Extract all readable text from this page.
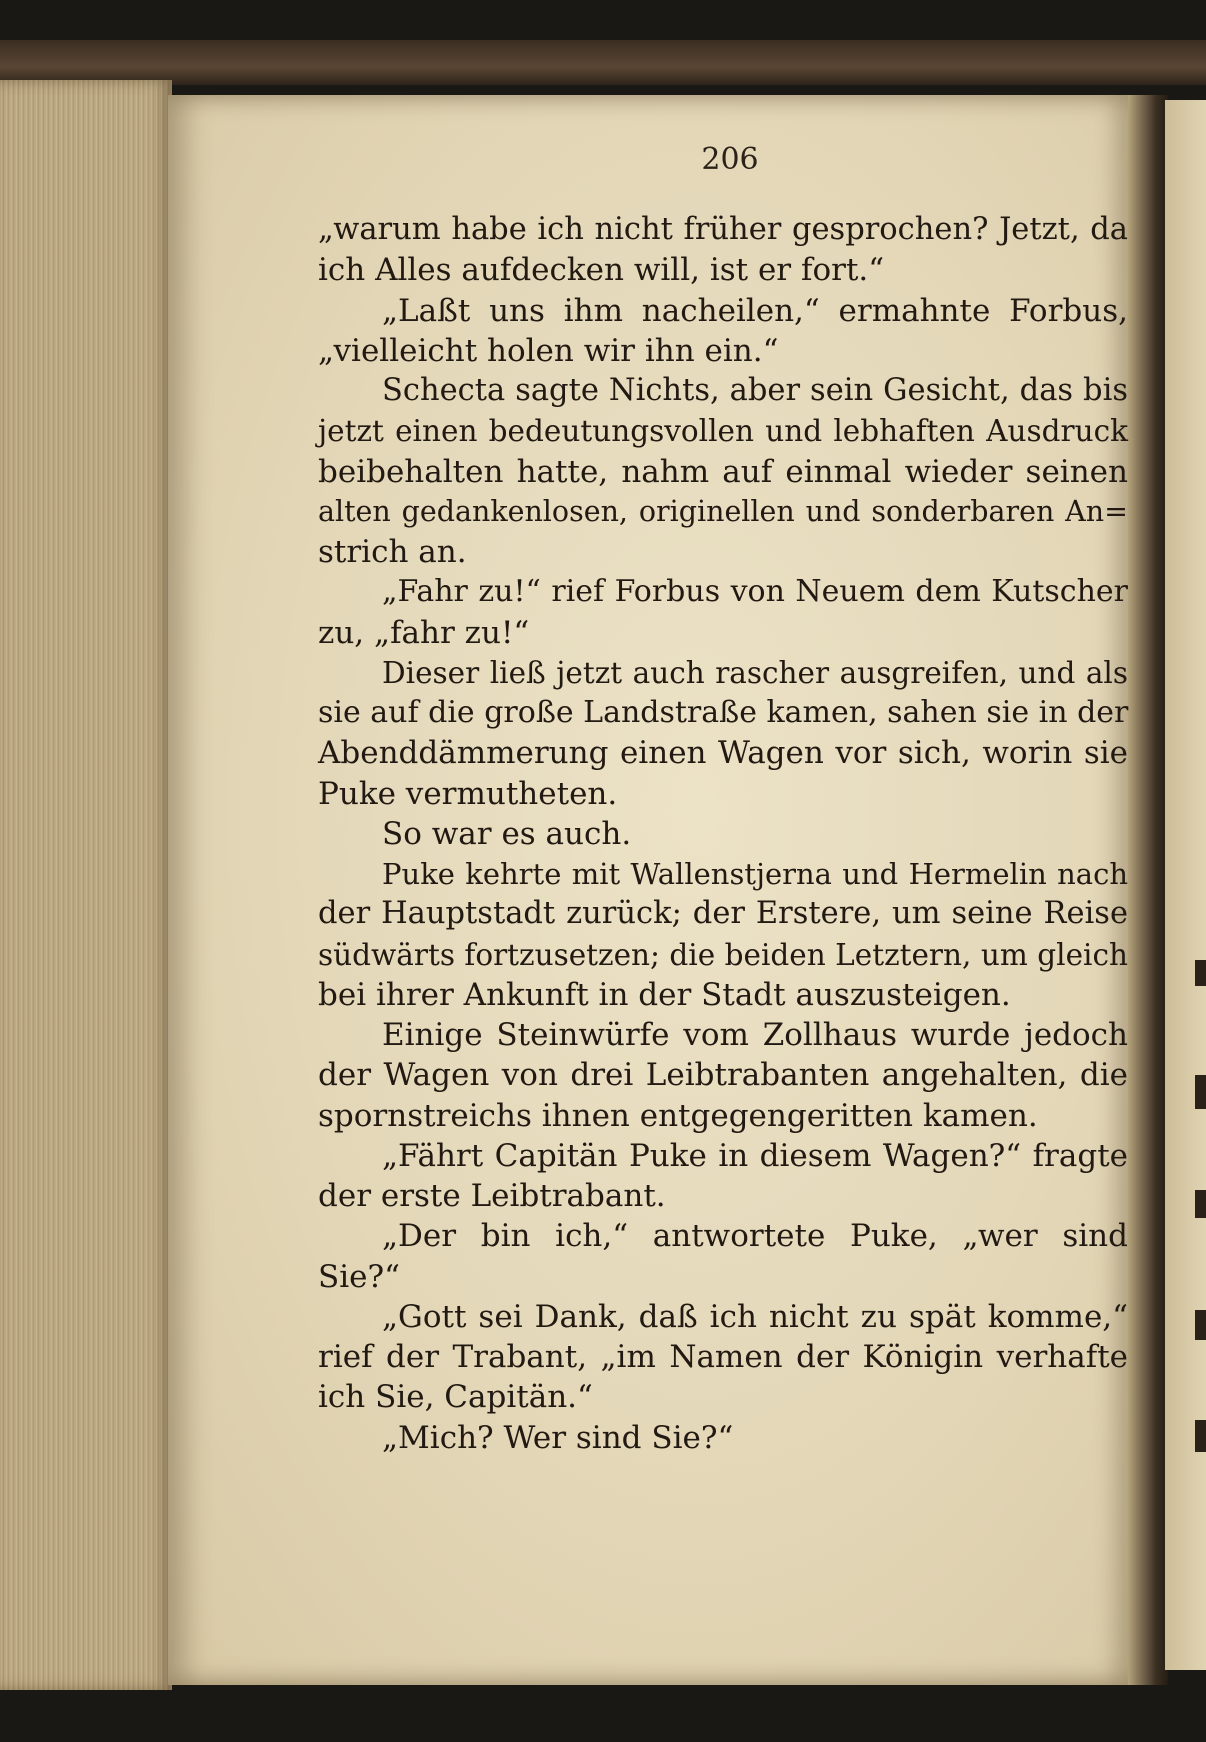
206
„warum habe ich nicht früher gesprochen? Jetzt, da
ich Alles aufdecken will, ist er fort.“
„Laßt uns ihm nacheilen,“ ermahnte Forbus,
„vielleicht holen wir ihn ein.“
Schecta sagte Nichts, aber sein Gesicht, das bis
jetzt einen bedeutungsvollen und lebhaften Ausdruck
beibehalten hatte, nahm auf einmal wieder seinen
alten gedankenlosen, originellen und sonderbaren An=
strich an.
„Fahr zu!“ rief Forbus von Neuem dem Kutscher
zu, „fahr zu!“
Dieser ließ jetzt auch rascher ausgreifen, und als
sie auf die große Landstraße kamen, sahen sie in der
Abenddämmerung einen Wagen vor sich, worin sie
Puke vermutheten.
So war es auch.
Puke kehrte mit Wallenstjerna und Hermelin nach
der Hauptstadt zurück; der Erstere, um seine Reise
südwärts fortzusetzen; die beiden Letztern, um gleich
bei ihrer Ankunft in der Stadt auszusteigen.
Einige Steinwürfe vom Zollhaus wurde jedoch
der Wagen von drei Leibtrabanten angehalten, die
spornstreichs ihnen entgegengeritten kamen.
„Fährt Capitän Puke in diesem Wagen?“ fragte
der erste Leibtrabant.
„Der bin ich,“ antwortete Puke, „wer sind
Sie?“
„Gott sei Dank, daß ich nicht zu spät komme,“
rief der Trabant, „im Namen der Königin verhafte
ich Sie, Capitän.“
„Mich? Wer sind Sie?“
